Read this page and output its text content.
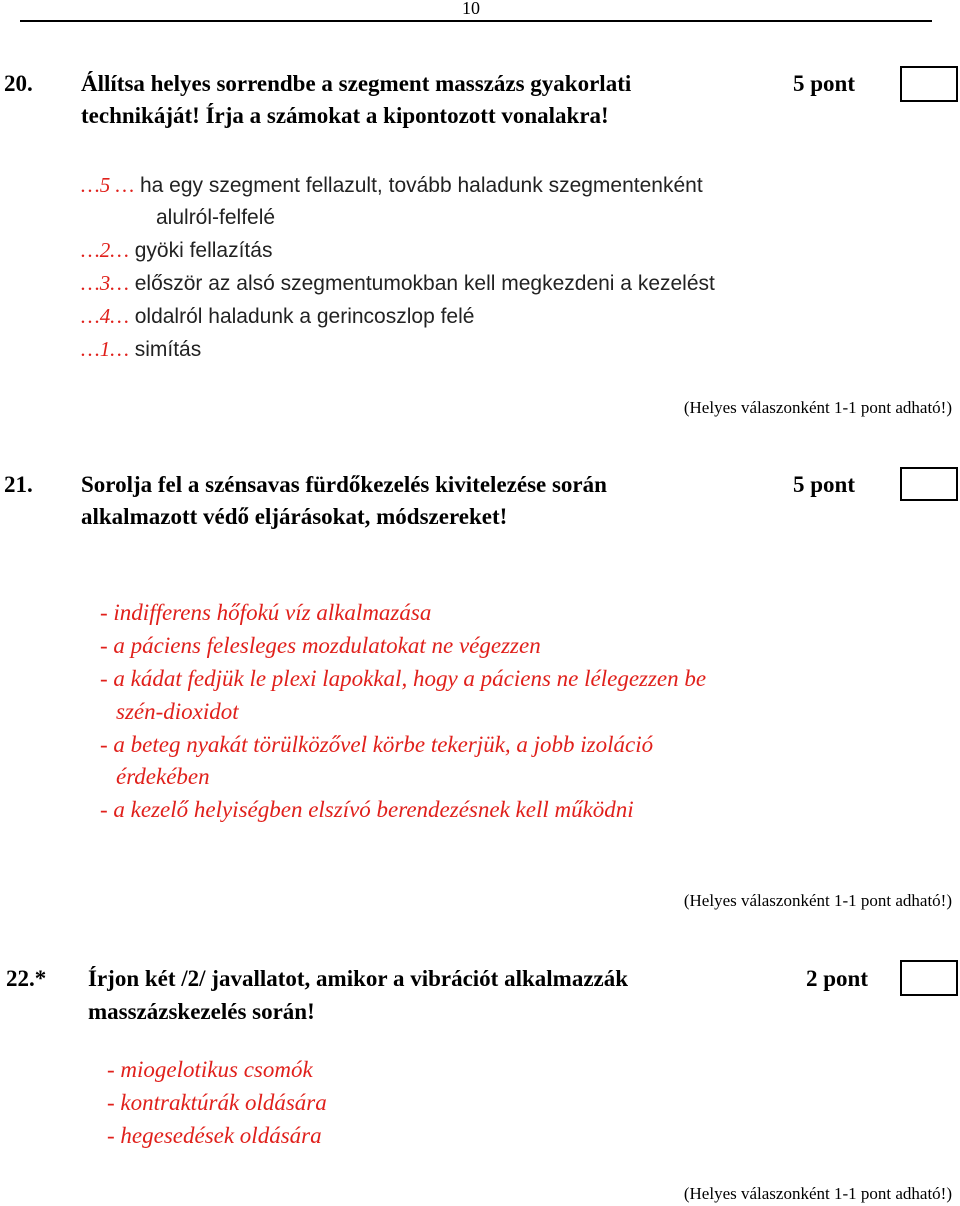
10
20. Állítsa helyes sorrendbe a szegment masszázs gyakorlati	5 pont
technikáját! Írja a számokat a kipontozott vonalakra!
…5 … ha egy szegment fellazult, tovább haladunk szegmentenként
alulról-felfelé
…2… gyöki fellazítás
…3… először az alsó szegmentumokban kell megkezdeni a kezelést
…4… oldalról haladunk a gerincoszlop felé
…1… simítás
(Helyes válaszonként 1-1 pont adható!)
21. Sorolja fel a szénsavas fürdőkezelés kivitelezése során	5 pont
alkalmazott védő eljárásokat, módszereket!
- indifferens hőfokú víz alkalmazása
- a páciens felesleges mozdulatokat ne végezzen
- a kádat fedjük le plexi lapokkal, hogy a páciens ne lélegezzen be
szén-dioxidot
- a beteg nyakát törülközővel körbe tekerjük, a jobb izoláció
érdekében
- a kezelő helyiségben elszívó berendezésnek kell működni
(Helyes válaszonként 1-1 pont adható!)
22.* Írjon két /2/ javallatot, amikor a vibrációt alkalmazzák	2 pont
masszázskezelés során!
- miogelotikus csomók
- kontraktúrák oldására
- hegesedések oldására
(Helyes válaszonként 1-1 pont adható!)
